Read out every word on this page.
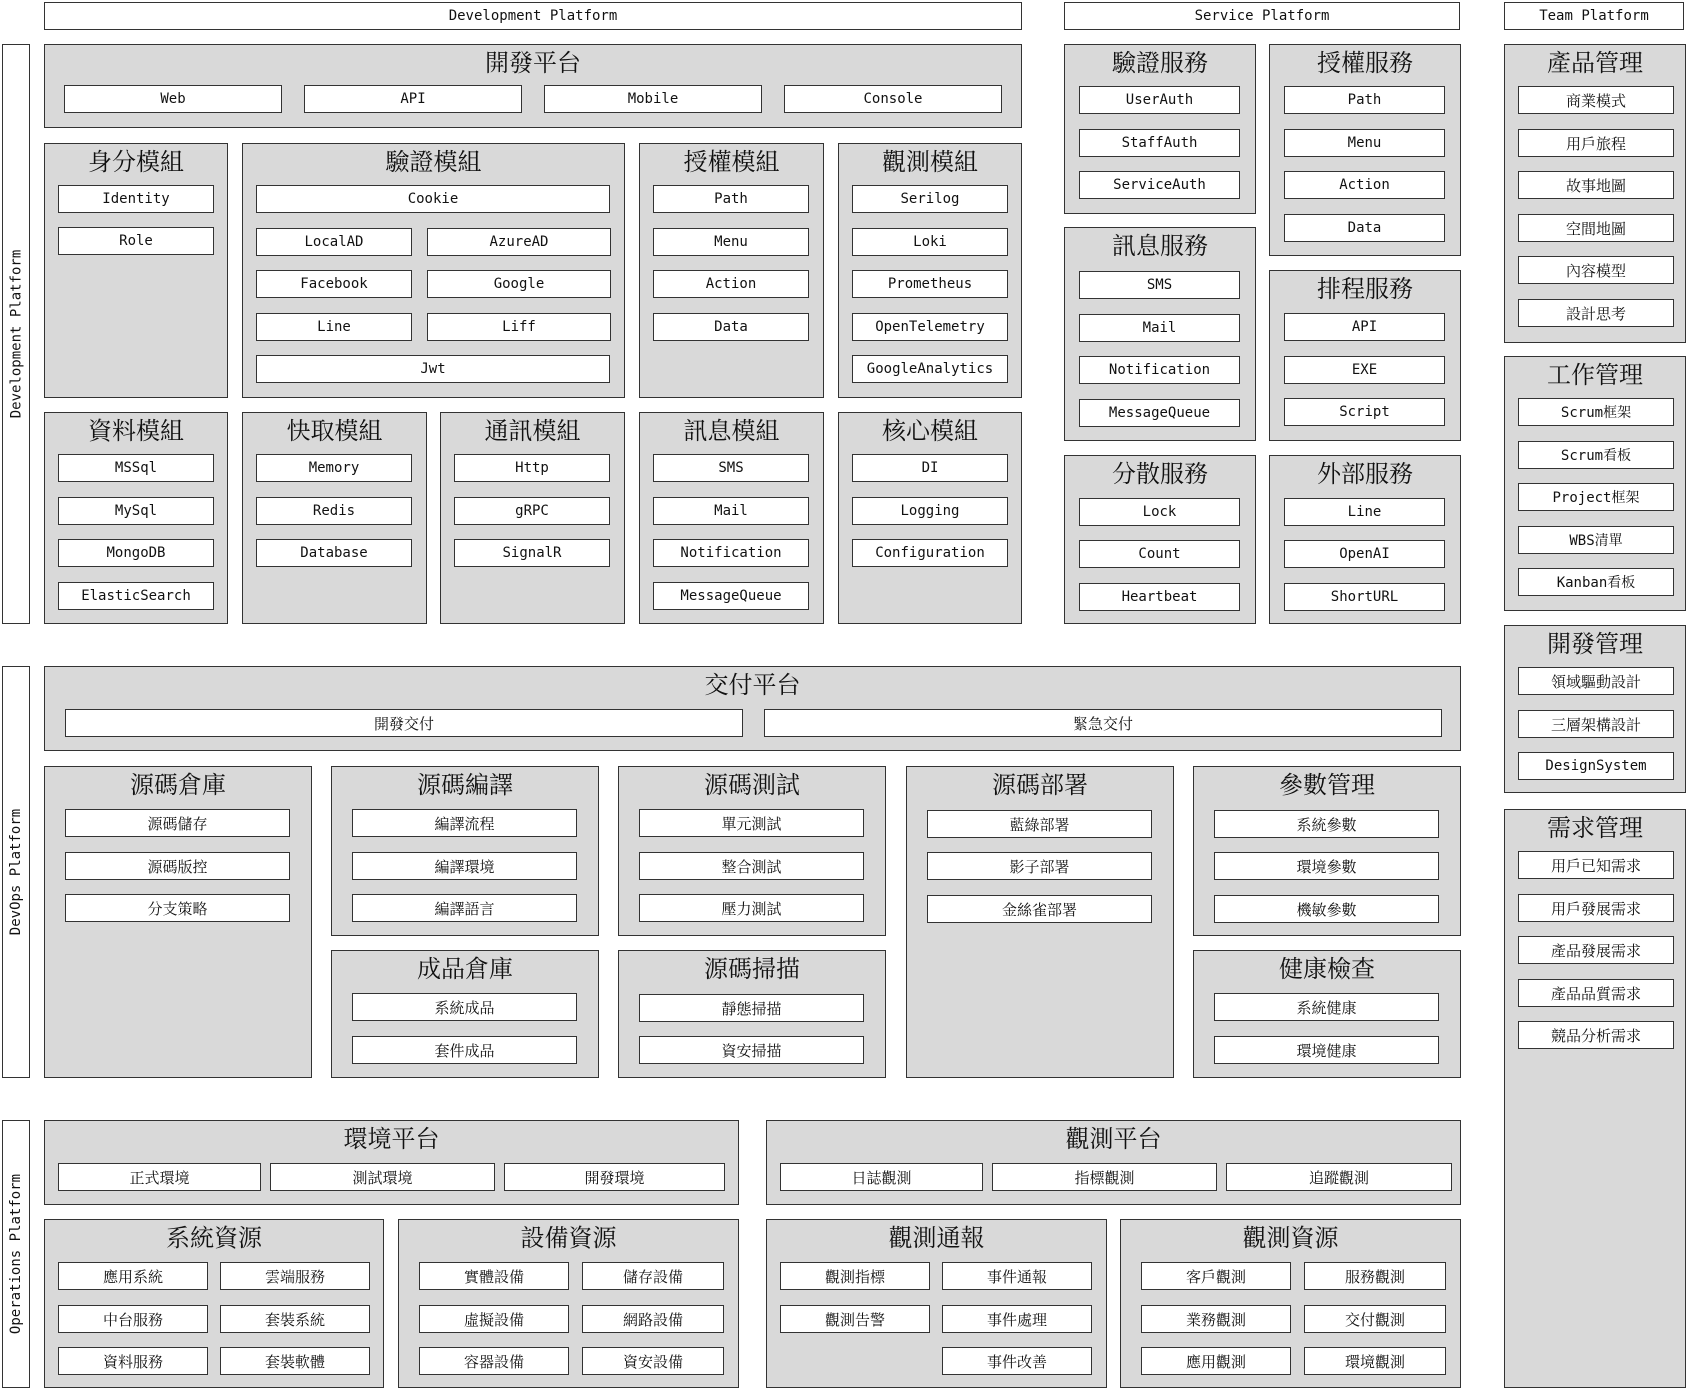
Development Platform	Service Platform	Team Platform
Development Platform
DevOps Platform
Operations Platform
開發平台
Web	API	Mobile	Console
身分模組
Identity
Role
驗證模組
Cookie
LocalAD	AzureAD
Facebook	Google
Line	Liff
Jwt
授權模組
Path
Menu
Action
Data
觀測模組
Serilog
Loki
Prometheus
OpenTelemetry
GoogleAnalytics
資料模組
MSSql
MySql
MongoDB
ElasticSearch
快取模組
Memory
Redis
Database
通訊模組
Http
gRPC
SignalR
訊息模組
SMS
Mail
Notification
MessageQueue
核心模組
DI
Logging
Configuration
驗證服務
UserAuth
StaffAuth
ServiceAuth
授權服務
Path
Menu
Action
Data
訊息服務
SMS
Mail
Notification
MessageQueue
排程服務
API
EXE
Script
分散服務
Lock
Count
Heartbeat
外部服務
Line
OpenAI
ShortURL
產品管理
商業模式
用戶旅程
故事地圖
空間地圖
內容模型
設計思考
工作管理
Scrum框架
Scrum看板
Project框架
WBS清單
Kanban看板
開發管理
領域驅動設計
三層架構設計
DesignSystem
需求管理
用戶已知需求
用戶發展需求
產品發展需求
產品品質需求
競品分析需求
交付平台
開發交付	緊急交付
源碼倉庫
源碼儲存
源碼版控
分支策略
源碼編譯
編譯流程
編譯環境
編譯語言
源碼測試
單元測試
整合測試
壓力測試
源碼部署
藍綠部署
影子部署
金絲雀部署
參數管理
系統參數
環境參數
機敏參數
成品倉庫
系統成品
套件成品
源碼掃描
靜態掃描
資安掃描
健康檢查
系統健康
環境健康
環境平台
正式環境	測試環境	開發環境
觀測平台
日誌觀測	指標觀測	追蹤觀測
系統資源
應用系統	雲端服務
中台服務	套裝系統
資料服務	套裝軟體
設備資源
實體設備	儲存設備
虛擬設備	網路設備
容器設備	資安設備
觀測通報
觀測指標	事件通報
觀測告警	事件處理
事件改善
觀測資源
客戶觀測	服務觀測
業務觀測	交付觀測
應用觀測	環境觀測
